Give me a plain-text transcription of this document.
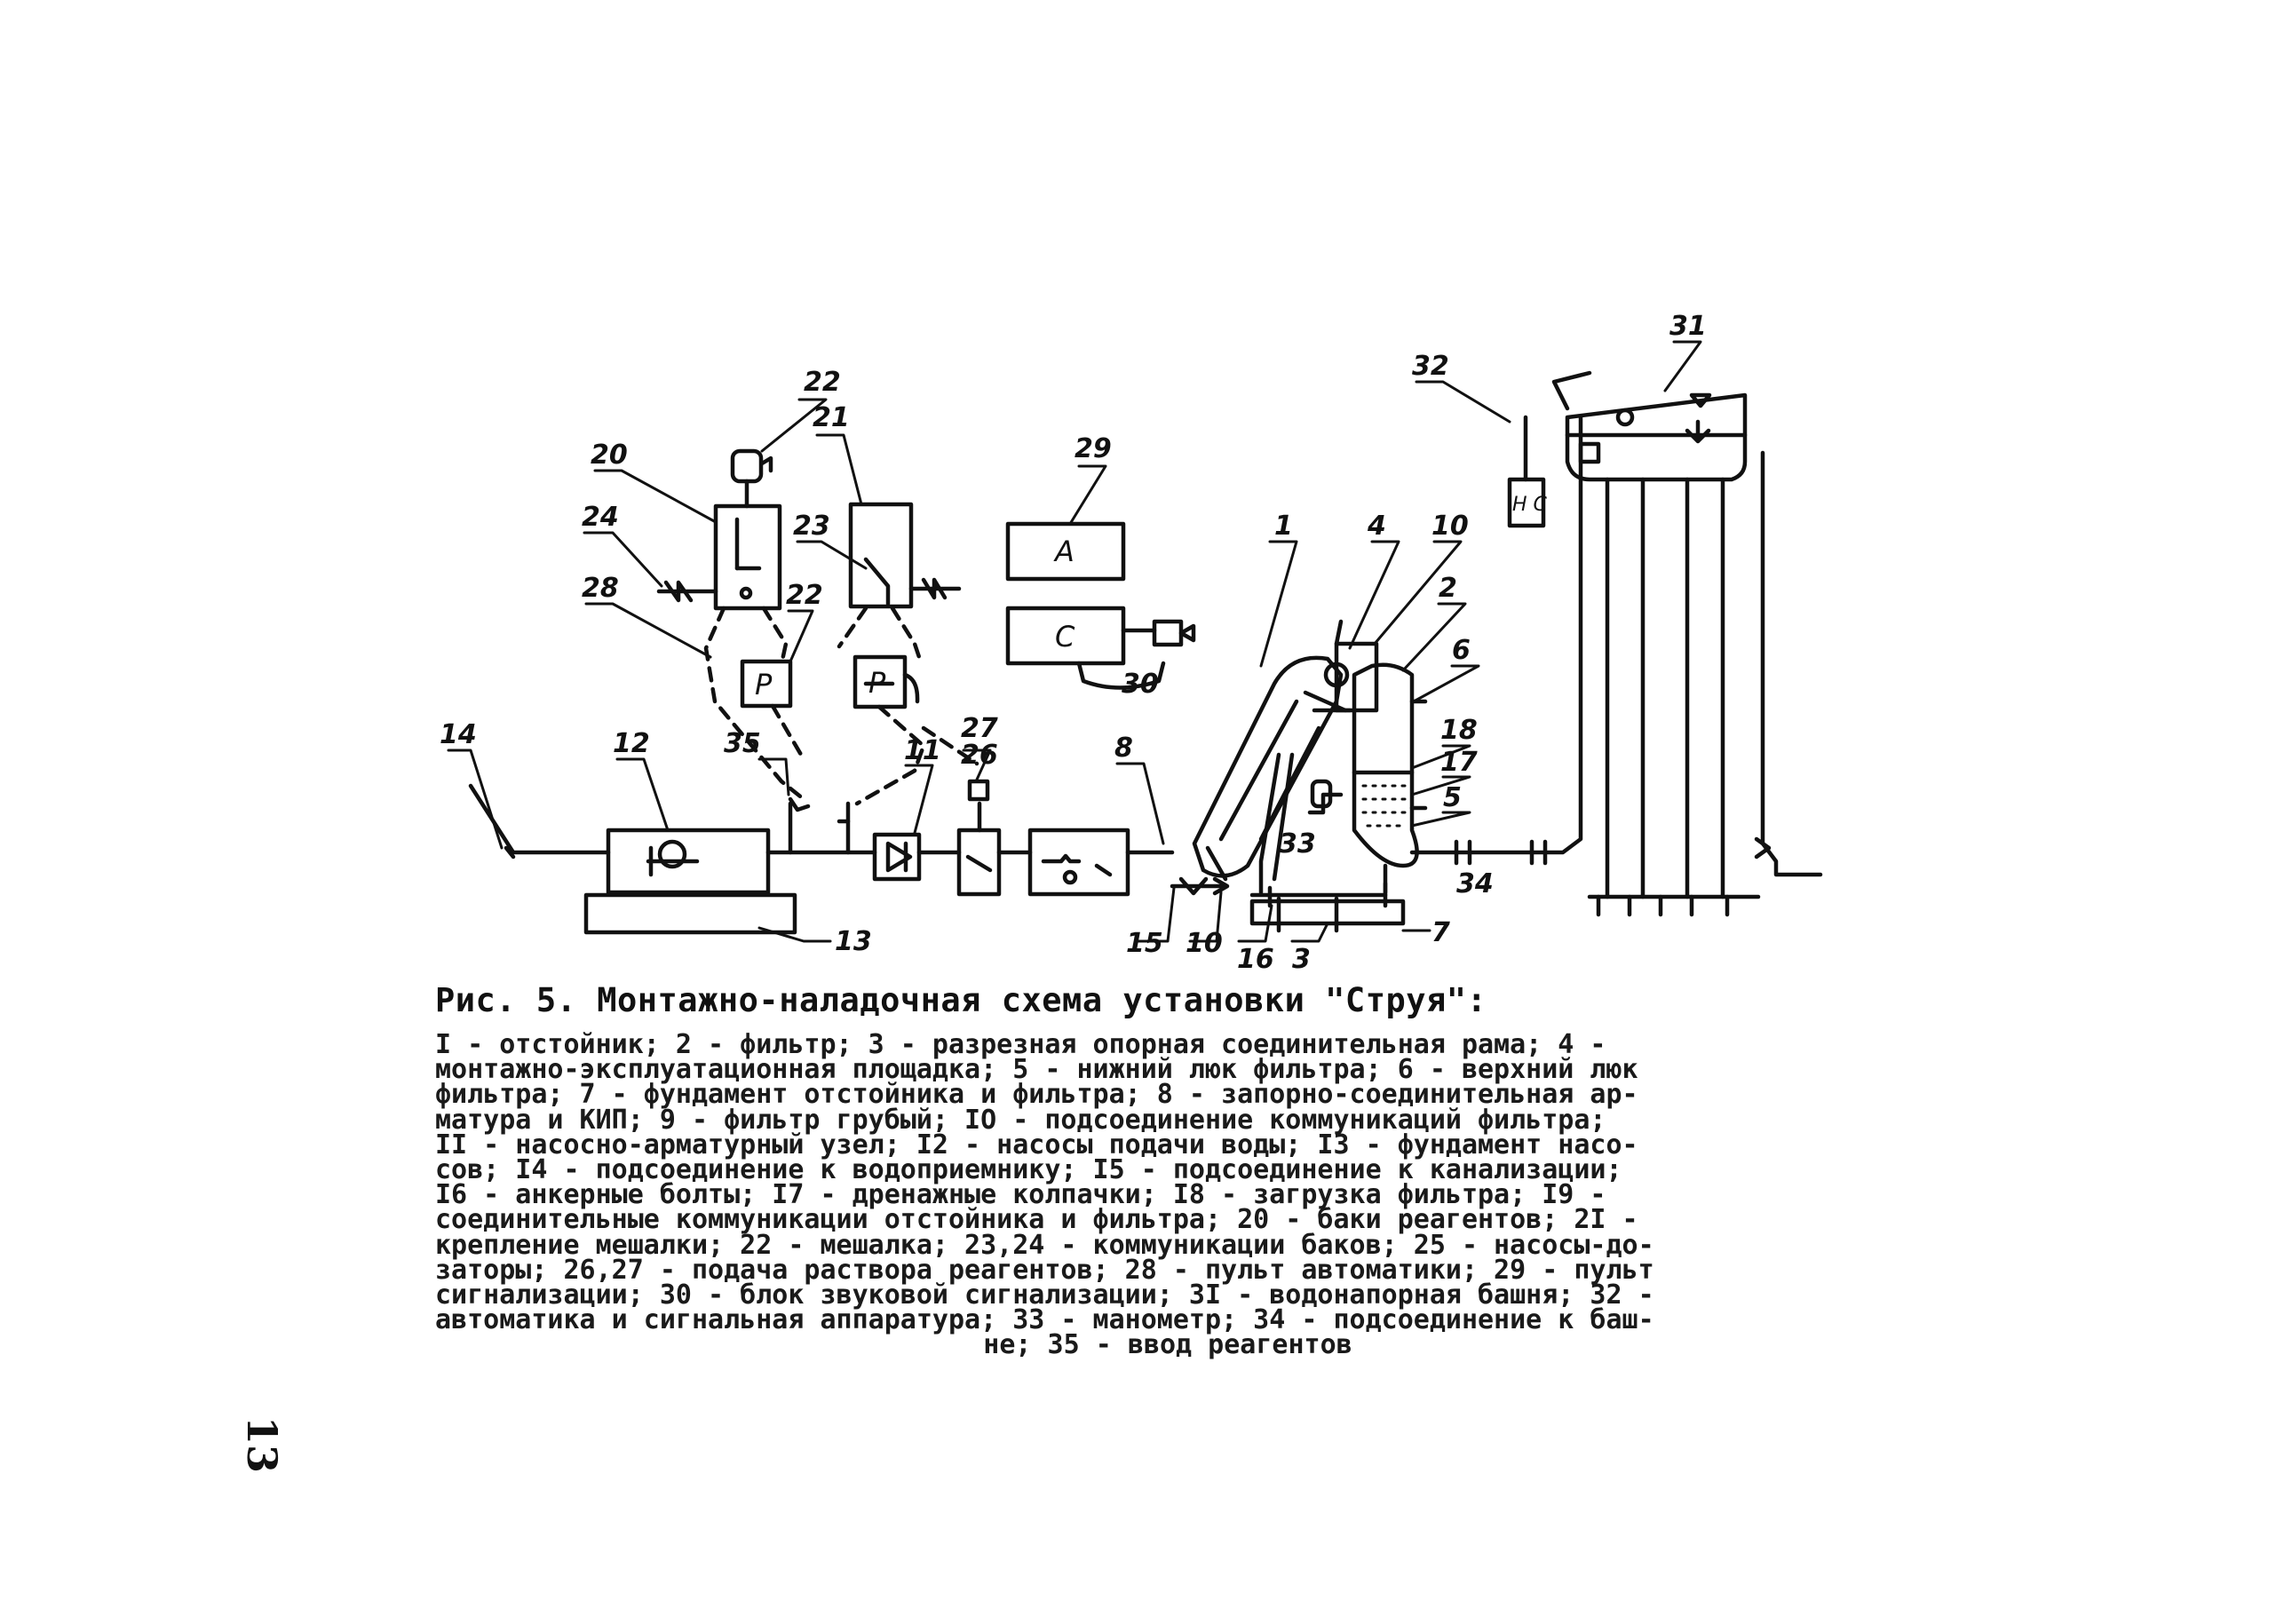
А
С
Р	Р
Н С
22
21
20
24	23
28	22
29
1	4 10
2
6
18
17
5
32
31
14	12	35	11
27
26	8
13	15 10
16 3
7
33
34
30
Рис. 5. Монтажно-наладочная схема установки "Струя":
I - отстойник; 2 - фильтр; 3 - разрезная опорная соединительная рама; 4 -
монтажно-эксплуатационная площадка; 5 - нижний люк фильтра; 6 - верхний люк
фильтра; 7 - фундамент отстойника и фильтра; 8 - запорно-соединительная ар-
матура и КИП; 9 - фильтр грубый; IO - подсоединение коммуникаций фильтра;
II - насосно-арматурный узел; I2 - насосы подачи воды; I3 - фундамент насо-
сов; I4 - подсоединение к водоприемнику; I5 - подсоединение к канализации;
I6 - анкерные болты; I7 - дренажные колпачки; I8 - загрузка фильтра; I9 -
соединительные коммуникации отстойника и фильтра; 20 - баки реагентов; 2I -
крепление мешалки; 22 - мешалка; 23,24 - коммуникации баков; 25 - насосы-до-
заторы; 26,27 - подача раствора реагентов; 28 - пульт автоматики; 29 - пульт
сигнализации; 30 - блок звуковой сигнализации; 3I - водонапорная башня; 32 -
автоматика и сигнальная аппаратура; 33 - манометр; 34 - подсоединение к баш-
не; 35 - ввод реагентов
13
